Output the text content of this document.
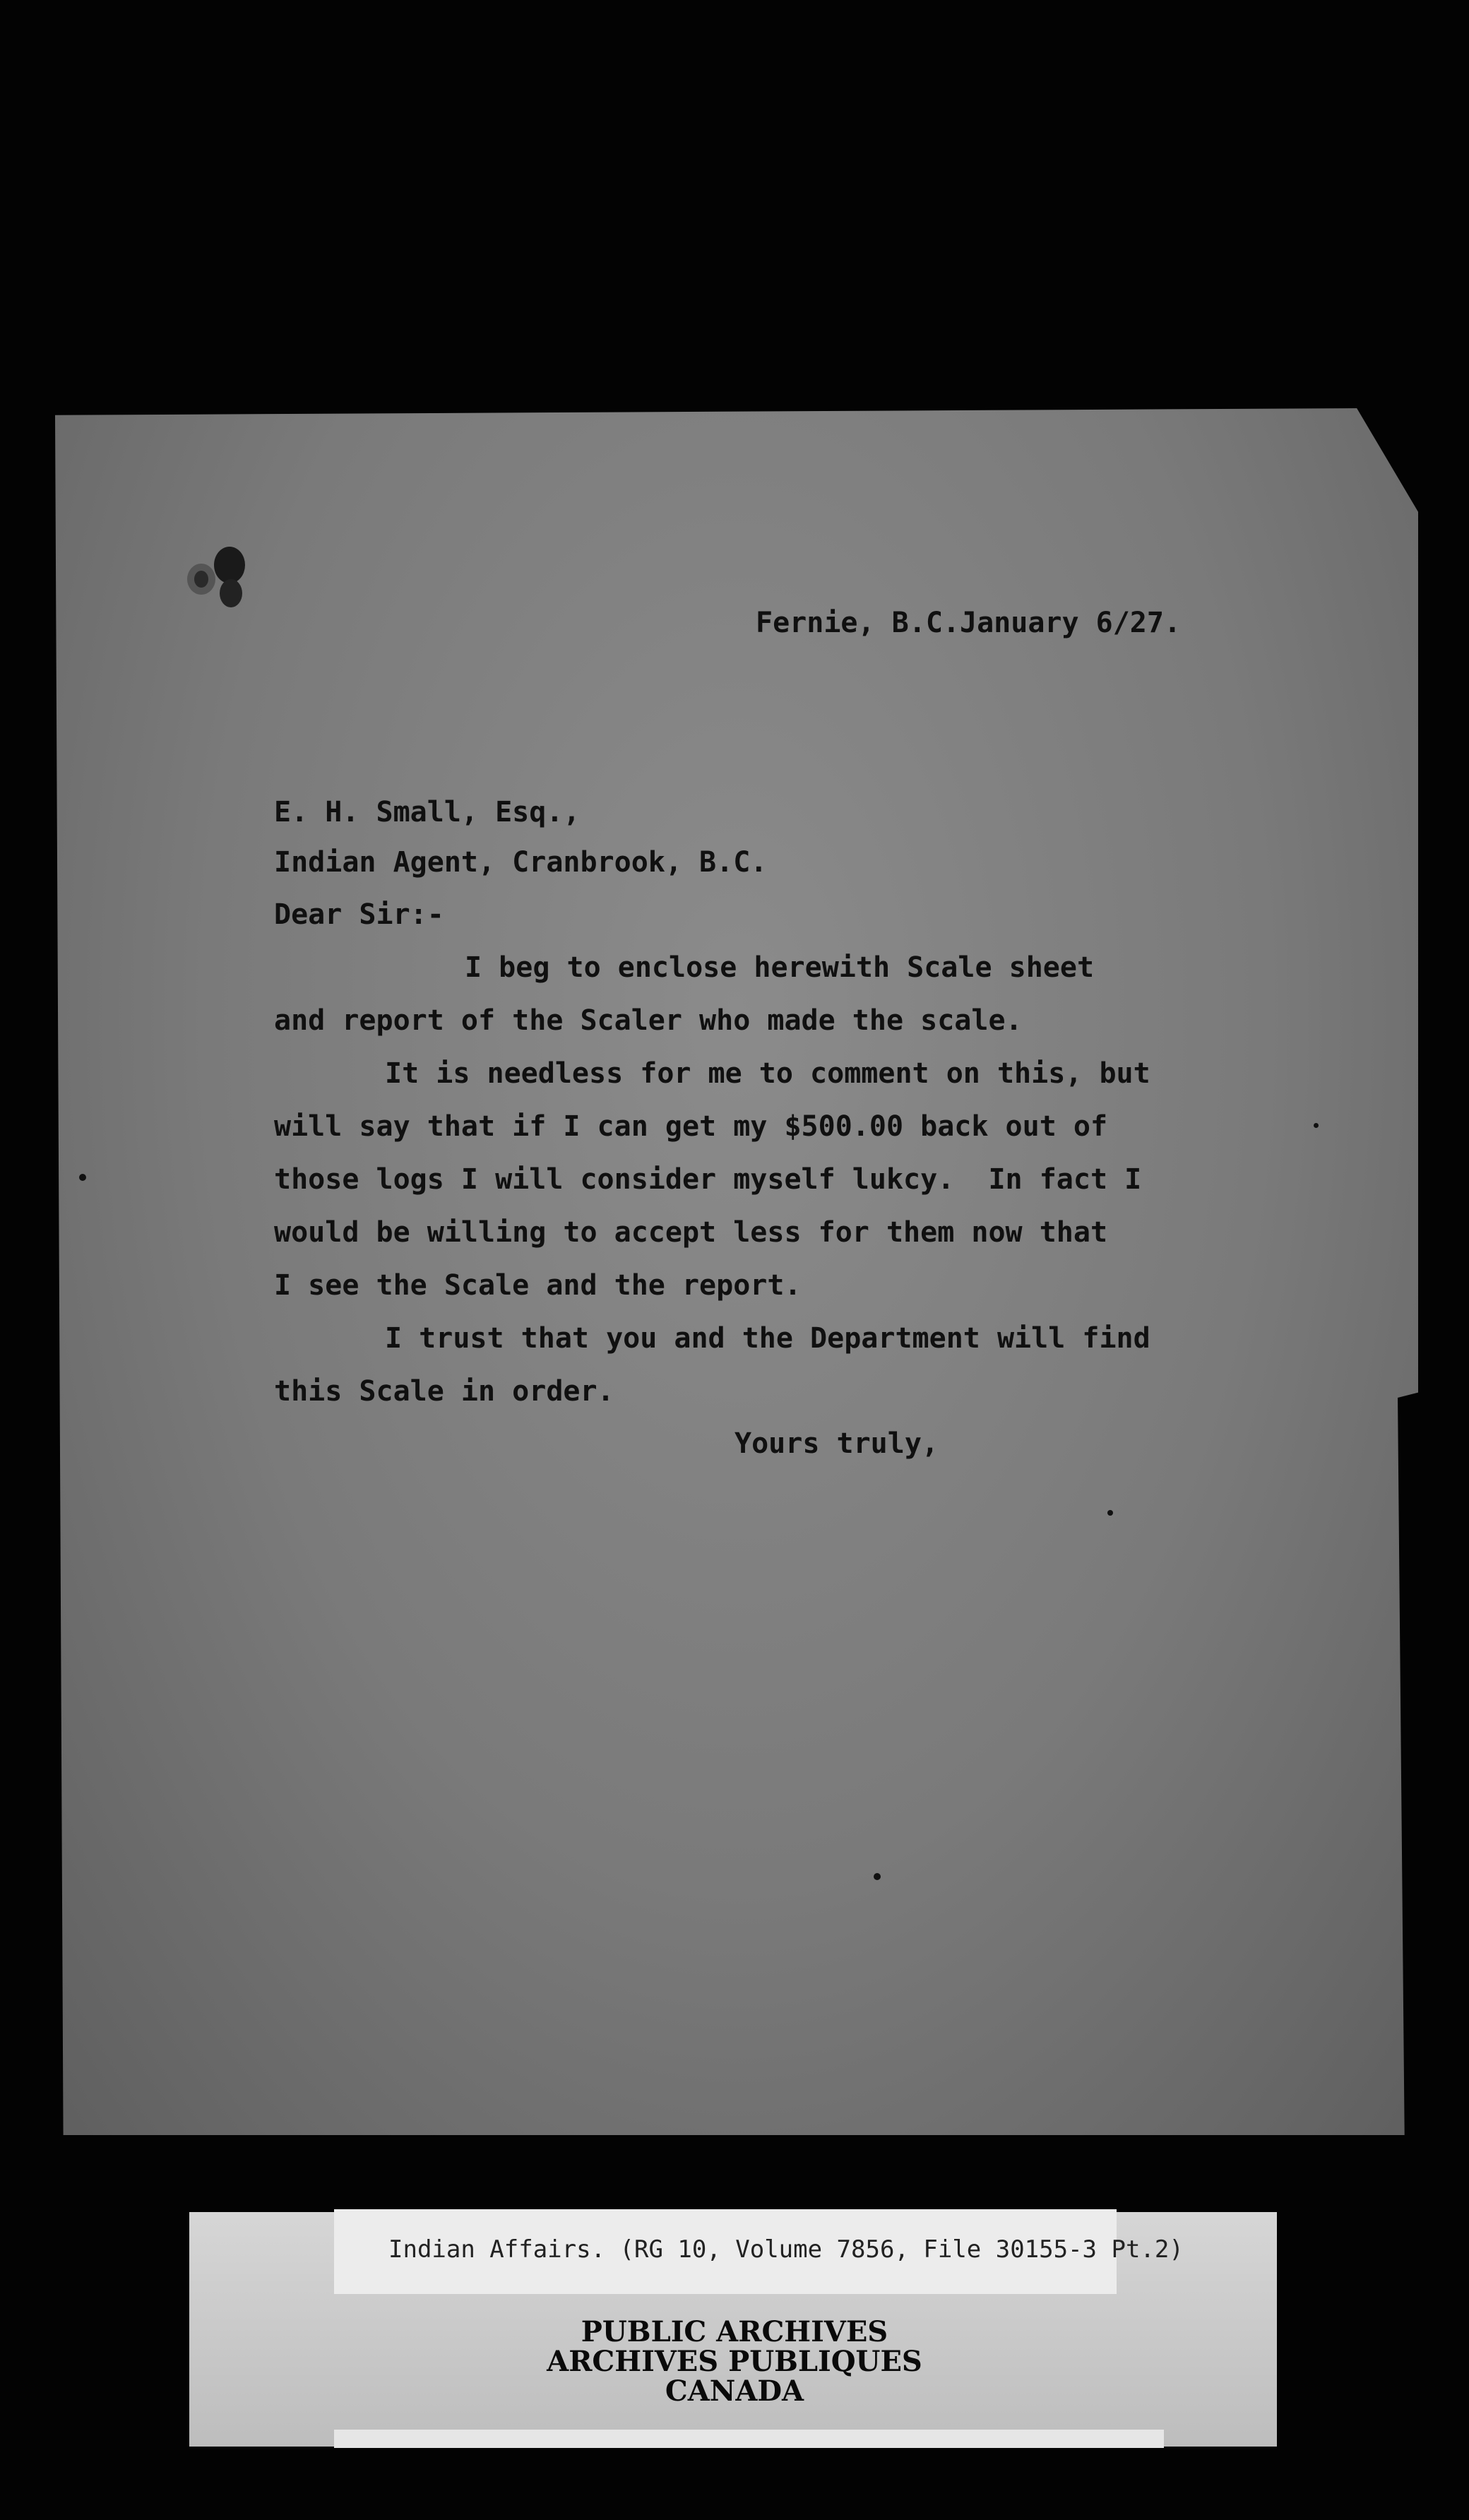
Fernie, B.C.January 6/27.
E. H. Small, Esq.,
Indian Agent, Cranbrook, B.C.
Dear Sir:-
I beg to enclose herewith Scale sheet
and report of the Scaler who made the scale.
It is needless for me to comment on this, but
will say that if I can get my $500.00 back out of
those logs I will consider myself lukcy.  In fact I
would be willing to accept less for them now that
I see the Scale and the report.
I trust that you and the Department will find
this Scale in order.
Yours truly,
Indian Affairs. (RG 10, Volume 7856, File 30155-3 Pt.2)
PUBLIC ARCHIVES
ARCHIVES PUBLIQUES
CANADA
